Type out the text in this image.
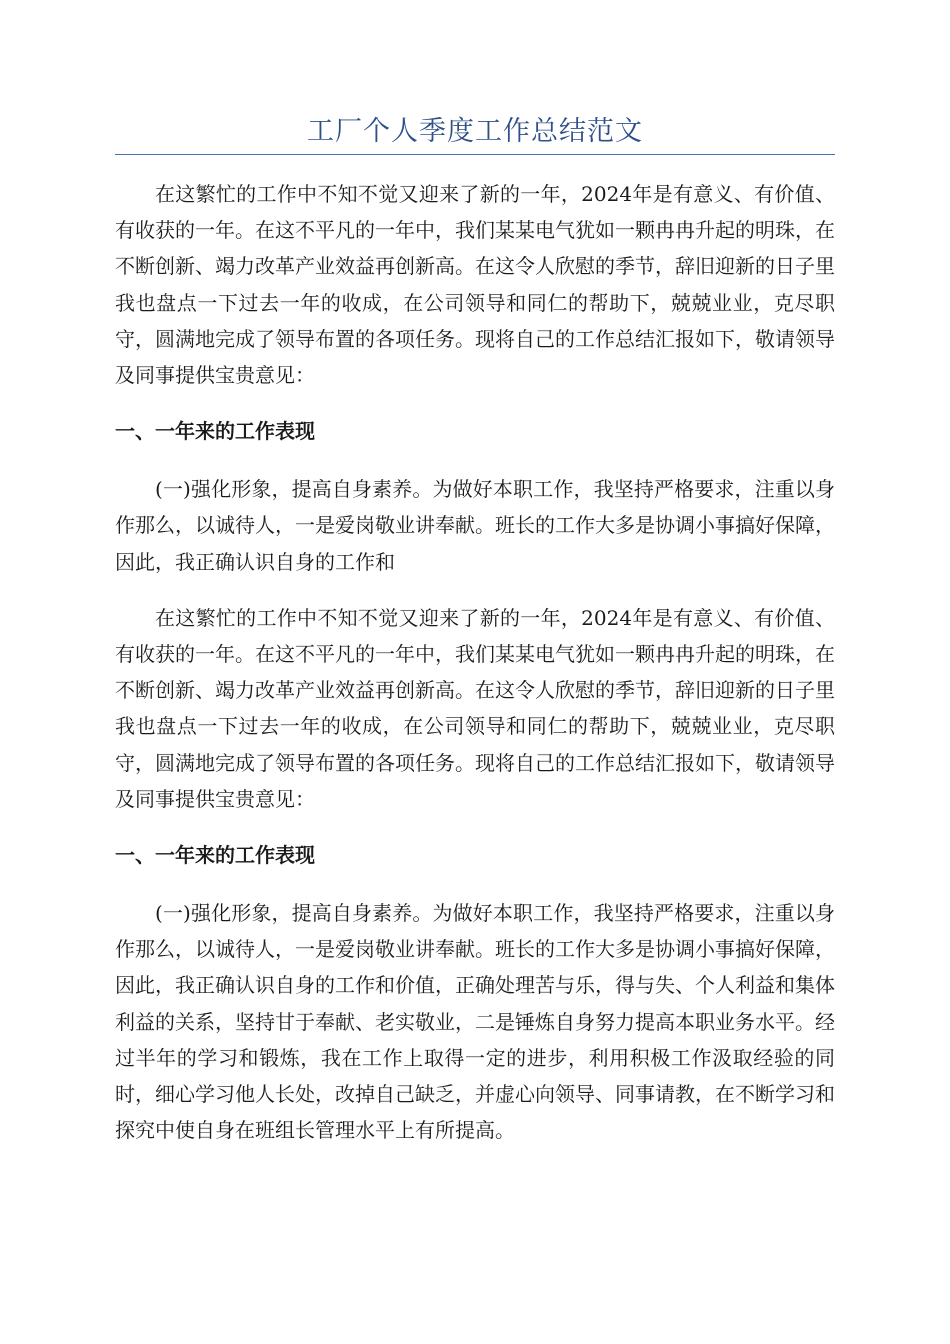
工厂个人季度工作总结范文

在这繁忙的工作中不知不觉又迎来了新的一年，2024年是有意义、有价值、有收获的一年。在这不平凡的一年中，我们某某电气犹如一颗冉冉升起的明珠，在不断创新、竭力改革产业效益再创新高。在这令人欣慰的季节，辞旧迎新的日子里我也盘点一下过去一年的收成，在公司领导和同仁的帮助下，兢兢业业，克尽职守，圆满地完成了领导布置的各项任务。现将自己的工作总结汇报如下，敬请领导及同事提供宝贵意见：

一、一年来的工作表现

(一)强化形象，提高自身素养。为做好本职工作，我坚持严格要求，注重以身作那么，以诚待人，一是爱岗敬业讲奉献。班长的工作大多是协调小事搞好保障，因此，我正确认识自身的工作和

在这繁忙的工作中不知不觉又迎来了新的一年，2024年是有意义、有价值、有收获的一年。在这不平凡的一年中，我们某某电气犹如一颗冉冉升起的明珠，在不断创新、竭力改革产业效益再创新高。在这令人欣慰的季节，辞旧迎新的日子里我也盘点一下过去一年的收成，在公司领导和同仁的帮助下，兢兢业业，克尽职守，圆满地完成了领导布置的各项任务。现将自己的工作总结汇报如下，敬请领导及同事提供宝贵意见：

一、一年来的工作表现

(一)强化形象，提高自身素养。为做好本职工作，我坚持严格要求，注重以身作那么，以诚待人，一是爱岗敬业讲奉献。班长的工作大多是协调小事搞好保障，因此，我正确认识自身的工作和价值，正确处理苦与乐，得与失、个人利益和集体利益的关系，坚持甘于奉献、老实敬业，二是锤炼自身努力提高本职业务水平。经过半年的学习和锻炼，我在工作上取得一定的进步，利用积极工作汲取经验的同时，细心学习他人长处，改掉自己缺乏，并虚心向领导、同事请教，在不断学习和探究中使自身在班组长管理水平上有所提高。
